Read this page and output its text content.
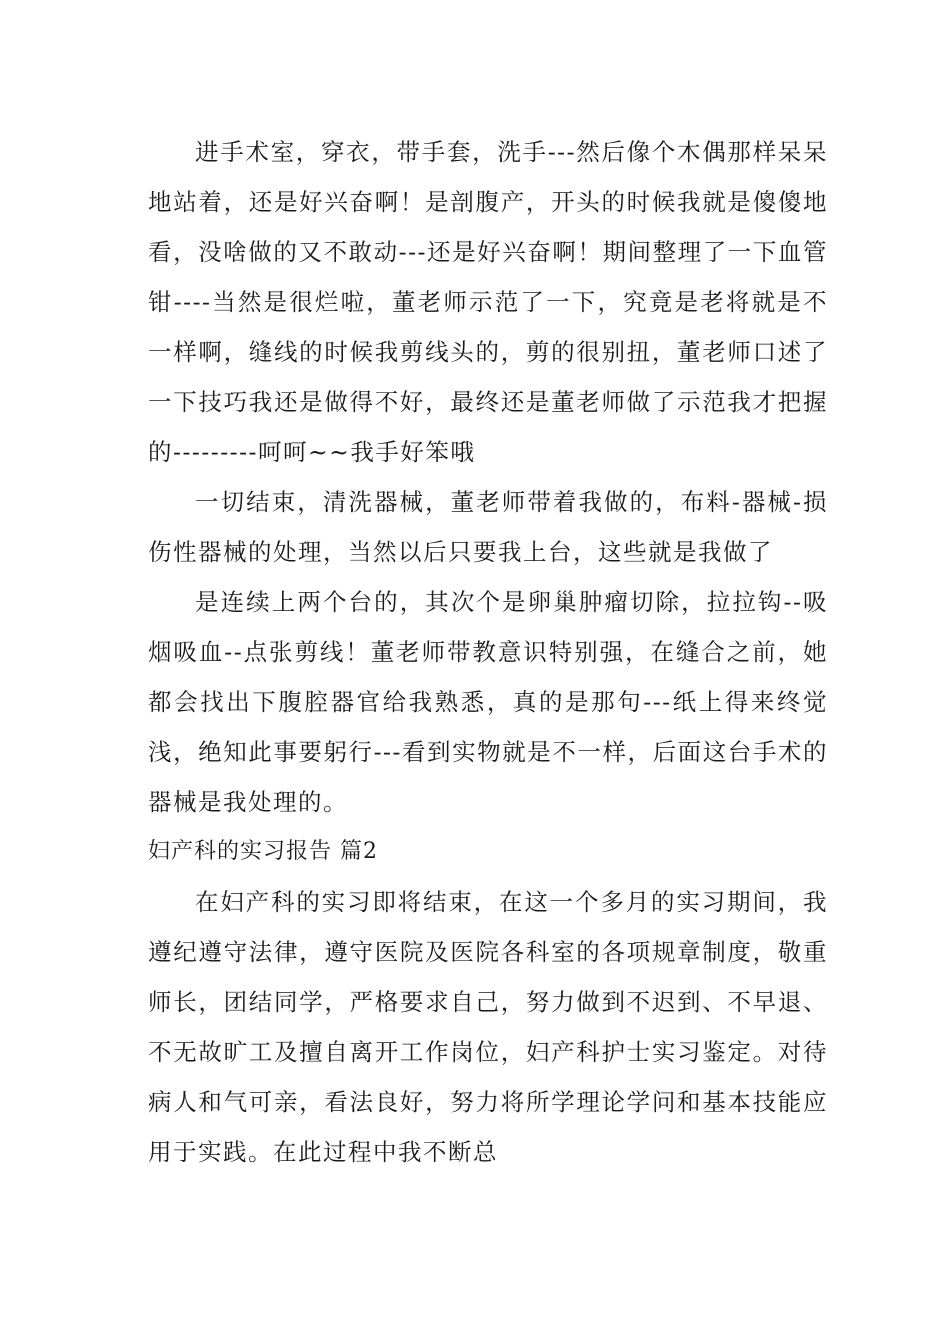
进手术室，穿衣，带手套，洗手---然后像个木偶那样呆呆地站着，还是好兴奋啊！是剖腹产，开头的时候我就是傻傻地看，没啥做的又不敢动---还是好兴奋啊！期间整理了一下血管钳----当然是很烂啦，董老师示范了一下，究竟是老将就是不一样啊，缝线的时候我剪线头的，剪的很别扭，董老师口述了一下技巧我还是做得不好，最终还是董老师做了示范我才把握的---------呵呵~~我手好笨哦

一切结束，清洗器械，董老师带着我做的，布料-器械-损伤性器械的处理，当然以后只要我上台，这些就是我做了

是连续上两个台的，其次个是卵巢肿瘤切除，拉拉钩--吸烟吸血--点张剪线！董老师带教意识特别强，在缝合之前，她都会找出下腹腔器官给我熟悉，真的是那句---纸上得来终觉浅，绝知此事要躬行---看到实物就是不一样，后面这台手术的器械是我处理的。

妇产科的实习报告 篇2

在妇产科的实习即将结束，在这一个多月的实习期间，我遵纪遵守法律，遵守医院及医院各科室的各项规章制度，敬重师长，团结同学，严格要求自己，努力做到不迟到、不早退、不无故旷工及擅自离开工作岗位，妇产科护士实习鉴定。对待病人和气可亲，看法良好，努力将所学理论学问和基本技能应用于实践。在此过程中我不断总
